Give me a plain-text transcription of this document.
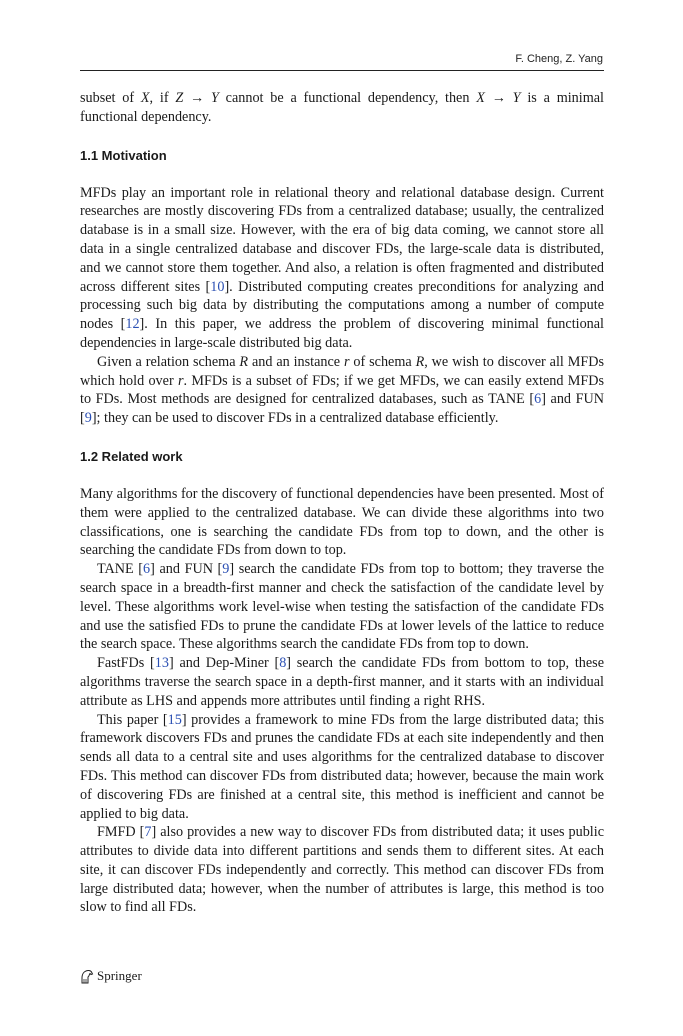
F. Cheng, Z. Yang

subset of X, if Z → Y cannot be a functional dependency, then X → Y is a minimal functional dependency.

1.1 Motivation

MFDs play an important role in relational theory and relational database design. Current researches are mostly discovering FDs from a centralized database; usually, the centralized database is in a small size. However, with the era of big data coming, we cannot store all data in a single centralized database and discover FDs, the large-scale data is distributed, and we cannot store them together. And also, a relation is often fragmented and distributed across different sites [10]. Distributed computing creates preconditions for analyzing and processing such big data by distributing the computations among a number of compute nodes [12]. In this paper, we address the problem of discovering minimal functional dependencies in large-scale distributed big data.

Given a relation schema R and an instance r of schema R, we wish to discover all MFDs which hold over r. MFDs is a subset of FDs; if we get MFDs, we can easily extend MFDs to FDs. Most methods are designed for centralized databases, such as TANE [6] and FUN [9]; they can be used to discover FDs in a centralized database efficiently.

1.2 Related work

Many algorithms for the discovery of functional dependencies have been presented. Most of them were applied to the centralized database. We can divide these algorithms into two classifications, one is searching the candidate FDs from top to down, and the other is searching the candidate FDs from down to top.

TANE [6] and FUN [9] search the candidate FDs from top to bottom; they traverse the search space in a breadth-first manner and check the satisfaction of the candidate level by level. These algorithms work level-wise when testing the satisfaction of the candidate FDs and use the satisfied FDs to prune the candidate FDs at lower levels of the lattice to reduce the search space. These algorithms search the candidate FDs from top to down.

FastFDs [13] and Dep-Miner [8] search the candidate FDs from bottom to top, these algorithms traverse the search space in a depth-first manner, and it starts with an individual attribute as LHS and appends more attributes until finding a right RHS.

This paper [15] provides a framework to mine FDs from the large distributed data; this framework discovers FDs and prunes the candidate FDs at each site independently and then sends all data to a central site and uses algorithms for the centralized database to discover FDs. This method can discover FDs from distributed data; however, because the main work of discovering FDs are finished at a central site, this method is inefficient and cannot be applied to big data.

FMFD [7] also provides a new way to discover FDs from distributed data; it uses public attributes to divide data into different partitions and sends them to different sites. At each site, it can discover FDs independently and correctly. This method can discover FDs from large distributed data; however, when the number of attributes is large, this method is too slow to find all FDs.

Springer
